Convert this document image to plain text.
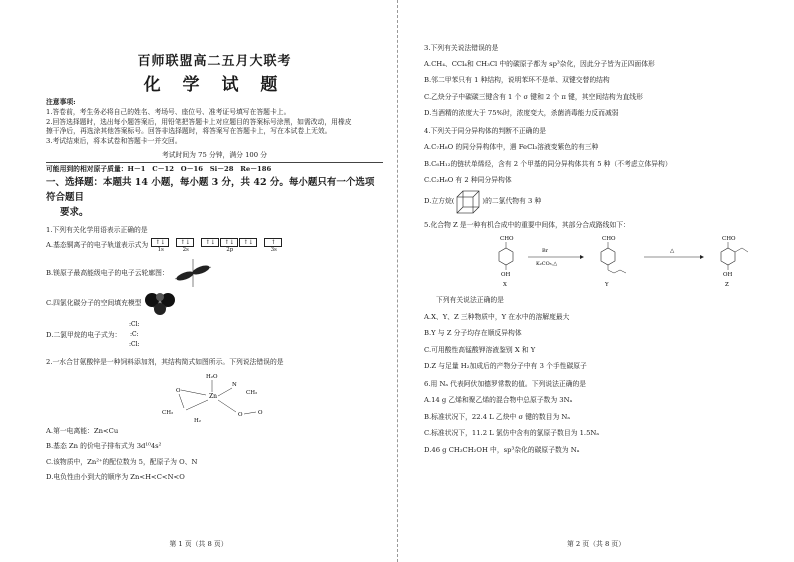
百师联盟高二五月大联考
化 学 试 题
注意事项:
1.答卷前，考生务必将自己的姓名、考场号、座位号、准考证号填写在答题卡上。
2.回答选择题时，选出每小题答案后，用铅笔把答题卡上对应题目的答案标号涂黑，如需改动，用橡皮
擦干净后，再选涂其他答案标号。回答非选择题时，将答案写在答题卡上，写在本试卷上无效。
3.考试结束后，将本试卷和答题卡一并交回。
考试时间为 75 分钟，满分 100 分
可能用到的相对原子质量：H－1　C－12　O－16　Si－28　Re－186
一、选择题：本题共 14 小题，每小题 3 分，共 42 分。每小题只有一个选项符合题目
要求。
1.下列有关化学用语表示正确的是
A.基态铜离子的电子轨道表示式为	↑↓
1s
↑↓
2s
↑↓	↑↓	↑↓
2p
↑
3s
B.镁原子最高能级电子的电子云轮廓图：
C.四氯化碳分子的空间填充模型
D.二氯甲烷的电子式为：
:Cl:
:C:
:Cl:
2.一水合甘氨酸锌是一种饲料添加剂，其结构简式如图所示。下列说法错误的是
H₂O
Zn
O
CH₂
H₂
N
CH₂
O	O
A.第一电离能：Zn<Cu
B.基态 Zn 的价电子排布式为 3d¹⁰4s²
C.该物质中，Zn²⁺的配位数为 5，配原子为 O、N
D.电负性由小到大的顺序为 Zn<H<C<N<O
第 1 页（共 8 页）
3.下列有关说法错误的是
A.CH₄、CCl₄和 CH₃Cl 中的碳原子都为 sp³杂化，因此分子皆为正四面体形
B.邻二甲苯只有 1 种结构，说明苯环不是单、双键交替的结构
C.乙炔分子中碳碳三键含有 1 个 σ 键和 2 个 π 键，其空间结构为直线形
D.当酒精的浓度大于 75%时，浓度变大，杀菌消毒能力反而减弱
4.下列关于同分异构体的判断不正确的是
A.C₇H₈O 的同分异构体中，遇 FeCl₃溶液变紫色的有三种
B.C₆H₁₂的链状单烯烃，含有 2 个甲基的同分异构体共有 5 种（不考虑立体异构）
C.C₂H₆O 有 2 种同分异构体
D.立方烷(	)的二氯代物有 3 种
5.化合物 Z 是一种有机合成中的重要中间体，其部分合成路线如下：
CHO
OH
X
Br
K₂CO₃,△
CHO
Y
△
CHO
OH
Z
下列有关说法正确的是
A.X、Y、Z 三种物质中，Y 在水中的溶解度最大
B.Y 与 Z 分子均存在顺反异构体
C.可用酸性高锰酸钾溶液鉴别 X 和 Y
D.Z 与足量 H₂加成后的产物分子中有 3 个手性碳原子
6.用 Nₐ 代表阿伏加德罗常数的值。下列说法正确的是
A.14 g 乙烯和聚乙烯的混合物中总原子数为 3Nₐ
B.标准状况下，22.4 L 乙炔中 σ 键的数目为 Nₐ
C.标准状况下，11.2 L 氯仿中含有的氯原子数目为 1.5Nₐ
D.46 g CH₃CH₂OH 中，sp³杂化的碳原子数为 Nₐ
第 2 页（共 8 页）
